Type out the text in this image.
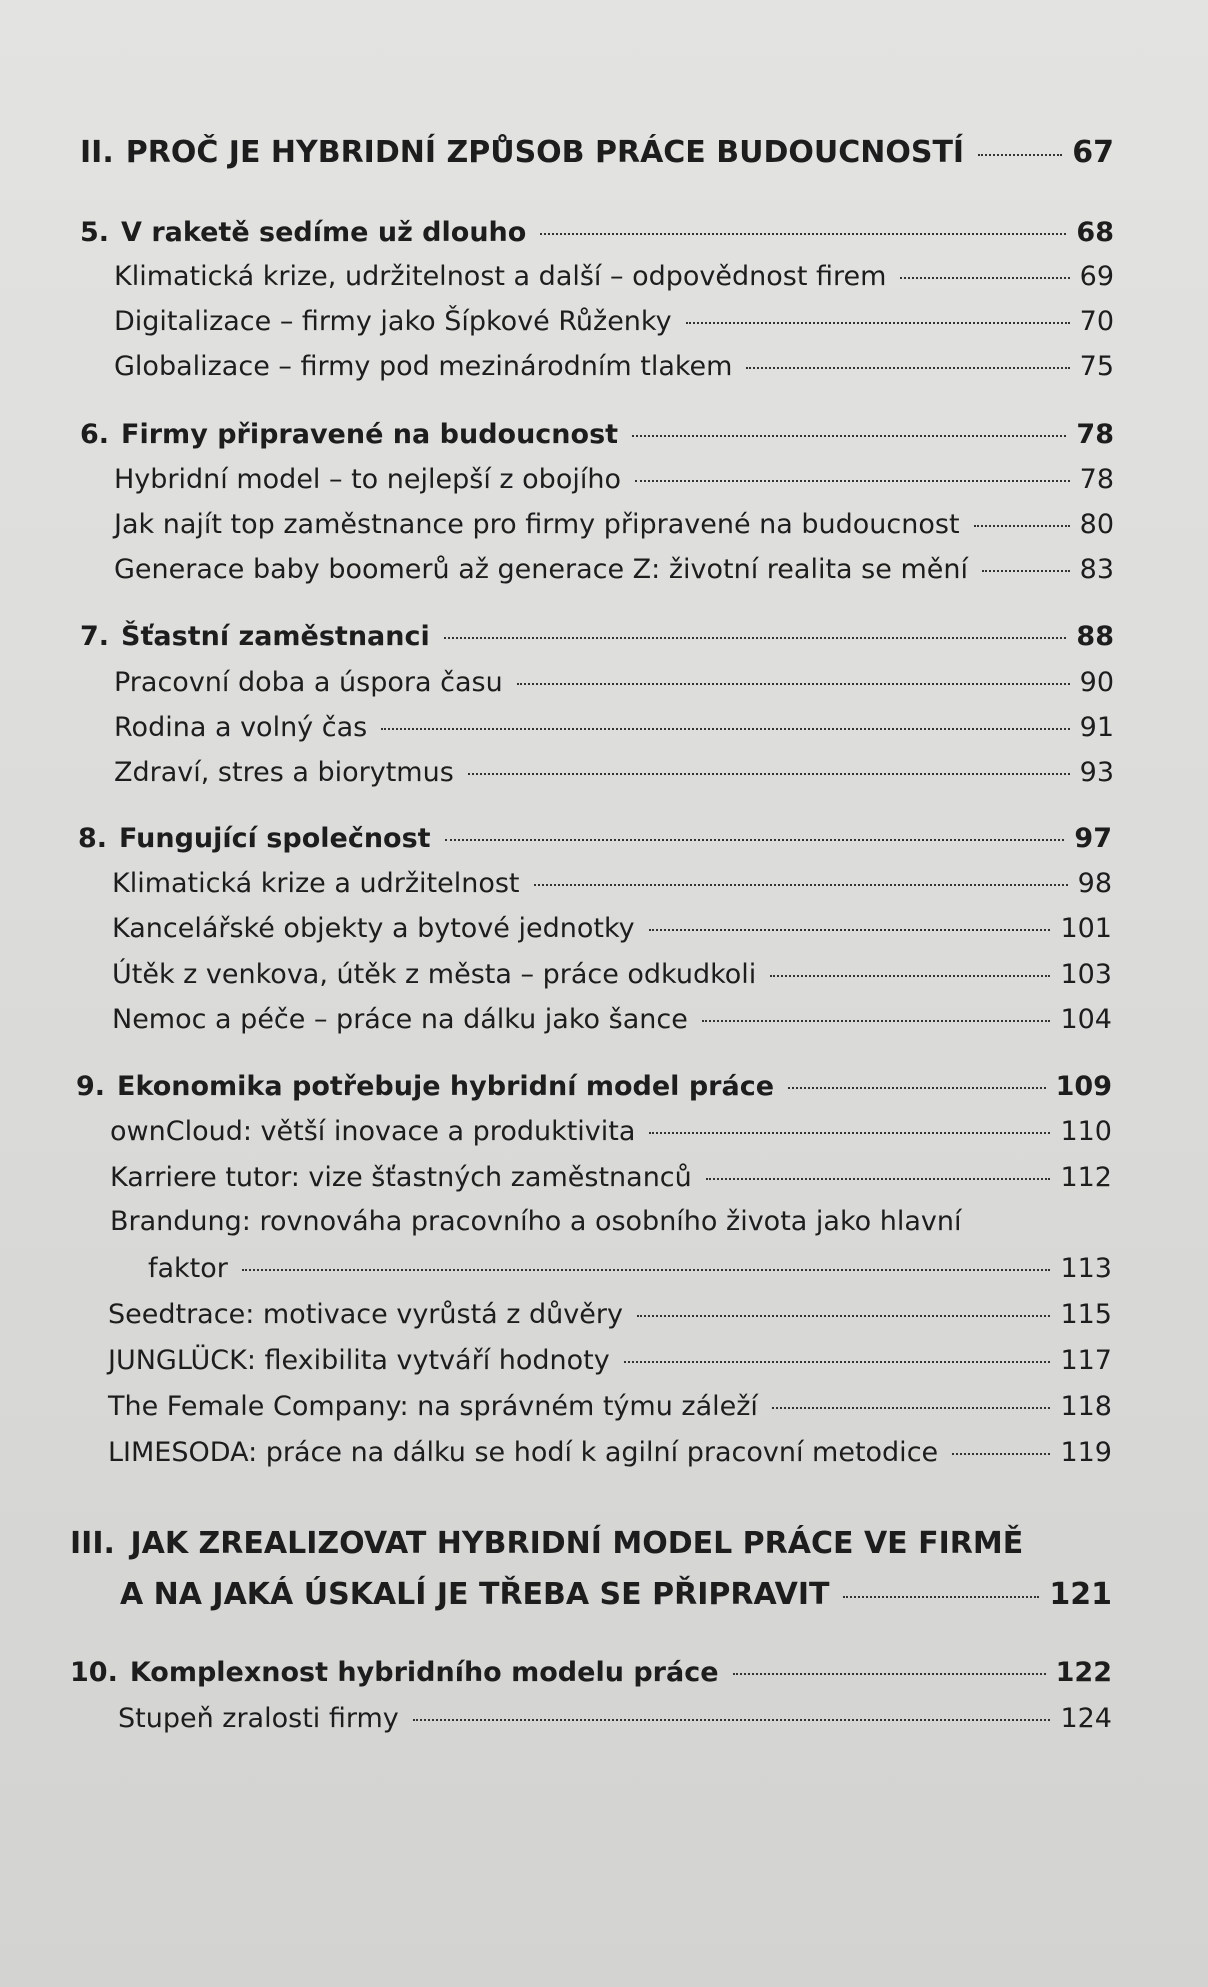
II. PROČ JE HYBRIDNÍ ZPŮSOB PRÁCE BUDOUCNOSTÍ	67
5. V raketě sedíme už dlouho	68
Klimatická krize, udržitelnost a další – odpovědnost firem	69
Digitalizace – firmy jako Šípkové Růženky	70
Globalizace – firmy pod mezinárodním tlakem	75
6. Firmy připravené na budoucnost	78
Hybridní model – to nejlepší z obojího	78
Jak najít top zaměstnance pro firmy připravené na budoucnost	80
Generace baby boomerů až generace Z: životní realita se mění	83
7. Šťastní zaměstnanci	88
Pracovní doba a úspora času	90
Rodina a volný čas	91
Zdraví, stres a biorytmus	93
8. Fungující společnost	97
Klimatická krize a udržitelnost	98
Kancelářské objekty a bytové jednotky	101
Útěk z venkova, útěk z města – práce odkudkoli	103
Nemoc a péče – práce na dálku jako šance	104
9. Ekonomika potřebuje hybridní model práce	109
ownCloud: větší inovace a produktivita	110
Karriere tutor: vize šťastných zaměstnanců	112
Brandung: rovnováha pracovního a osobního života jako hlavní
faktor	113
Seedtrace: motivace vyrůstá z důvěry	115
JUNGLÜCK: flexibilita vytváří hodnoty	117
The Female Company: na správném týmu záleží	118
LIMESODA: práce na dálku se hodí k agilní pracovní metodice	119
III. JAK ZREALIZOVAT HYBRIDNÍ MODEL PRÁCE VE FIRMĚ
A NA JAKÁ ÚSKALÍ JE TŘEBA SE PŘIPRAVIT	121
10. Komplexnost hybridního modelu práce	122
Stupeň zralosti firmy	124
